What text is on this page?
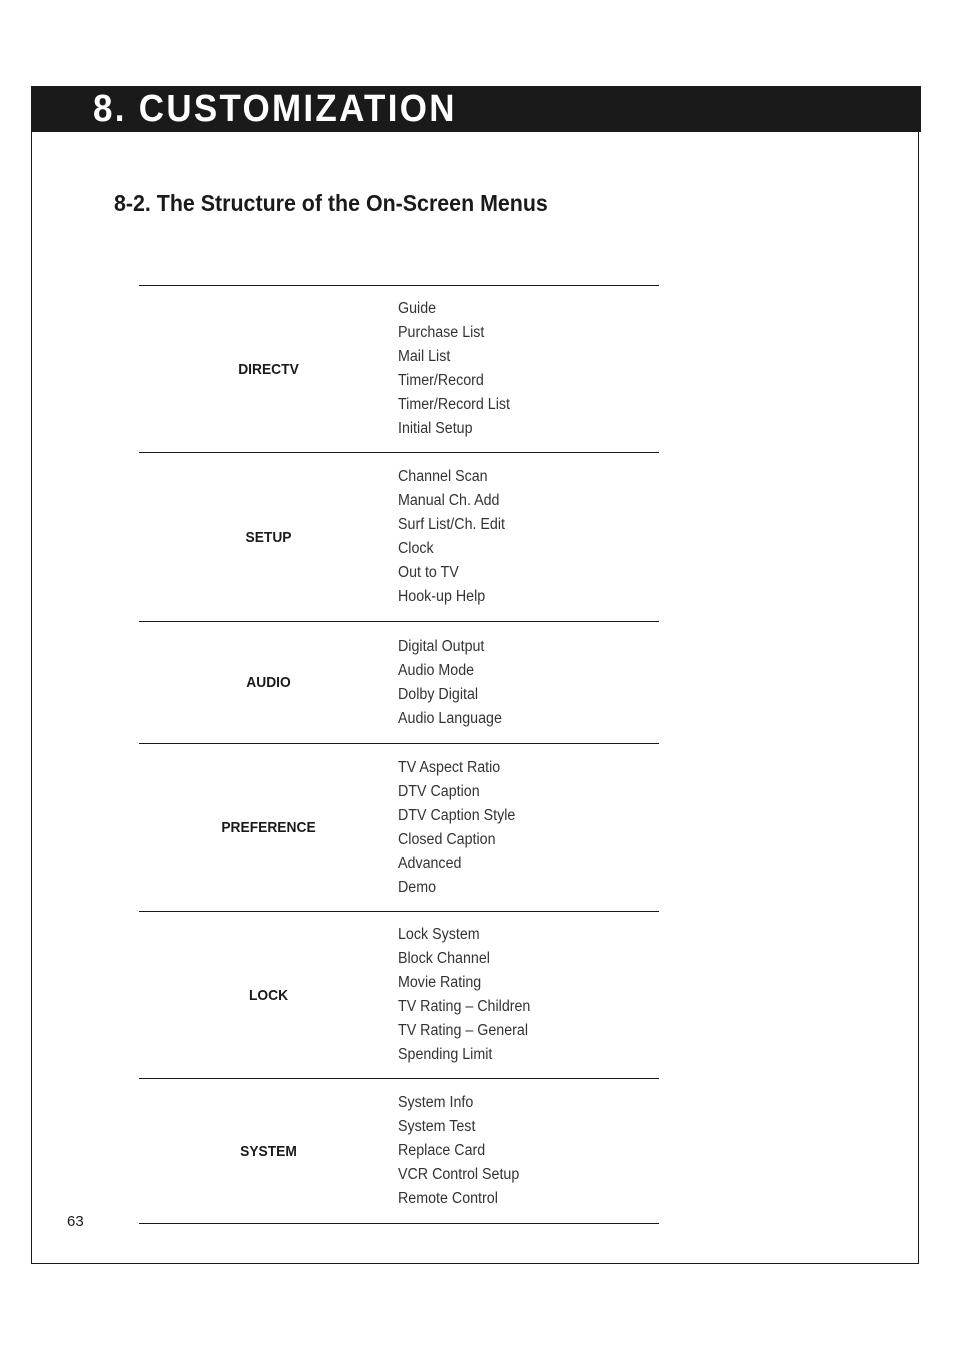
8. CUSTOMIZATION
8-2. The Structure of the On-Screen Menus
DIRECTV
Guide
Purchase List
Mail List
Timer/Record
Timer/Record List
Initial Setup
SETUP
Channel Scan
Manual Ch. Add
Surf List/Ch. Edit
Clock
Out to TV
Hook-up Help
AUDIO
Digital Output
Audio Mode
Dolby Digital
Audio Language
PREFERENCE
TV Aspect Ratio
DTV Caption
DTV Caption Style
Closed Caption
Advanced
Demo
LOCK
Lock System
Block Channel
Movie Rating
TV Rating – Children
TV Rating – General
Spending Limit
SYSTEM
System Info
System Test
Replace Card
VCR Control Setup
Remote Control
63
